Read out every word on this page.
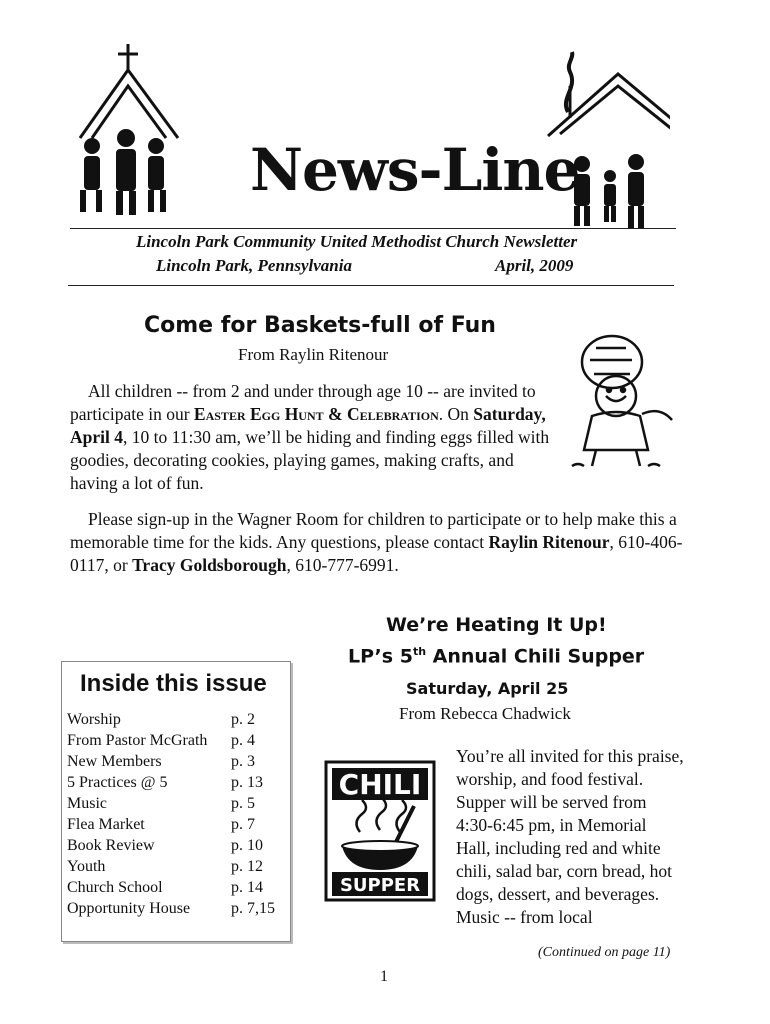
News-Line
Lincoln Park Community United Methodist Church Newsletter
Lincoln Park, Pennsylvania	April, 2009
Come for Baskets-full of Fun
From Raylin Ritenour
All children -- from 2 and under through age 10 -- are invited to participate in our Easter Egg Hunt & Celebration. On Saturday, April 4, 10 to 11:30 am, we’ll be hiding and finding eggs filled with goodies, decorating cookies, playing games, making crafts, and having a lot of fun.
Please sign-up in the Wagner Room for children to participate or to help make this a memorable time for the kids. Any questions, please contact Raylin Ritenour, 610-406-0117, or Tracy Goldsborough, 610-777-6991.
We’re Heating It Up!
LP’s 5th Annual Chili Supper
Saturday, April 25
From Rebecca Chadwick
Inside this issue
Worship	p. 2
From Pastor McGrath p. 4
New Members	p. 3
5 Practices @ 5	p. 13
Music	p. 5
Flea Market	p. 7
Book Review	p. 10
Youth	p. 12
Church School	p. 14
Opportunity House	p. 7,15
CHILI
SUPPER
You’re all invited for this praise, worship, and food festival. Supper will be served from 4:30-6:45 pm, in Memorial Hall, including red and white chili, salad bar, corn bread, hot dogs, dessert, and beverages. Music -- from local
(Continued on page 11)
1
